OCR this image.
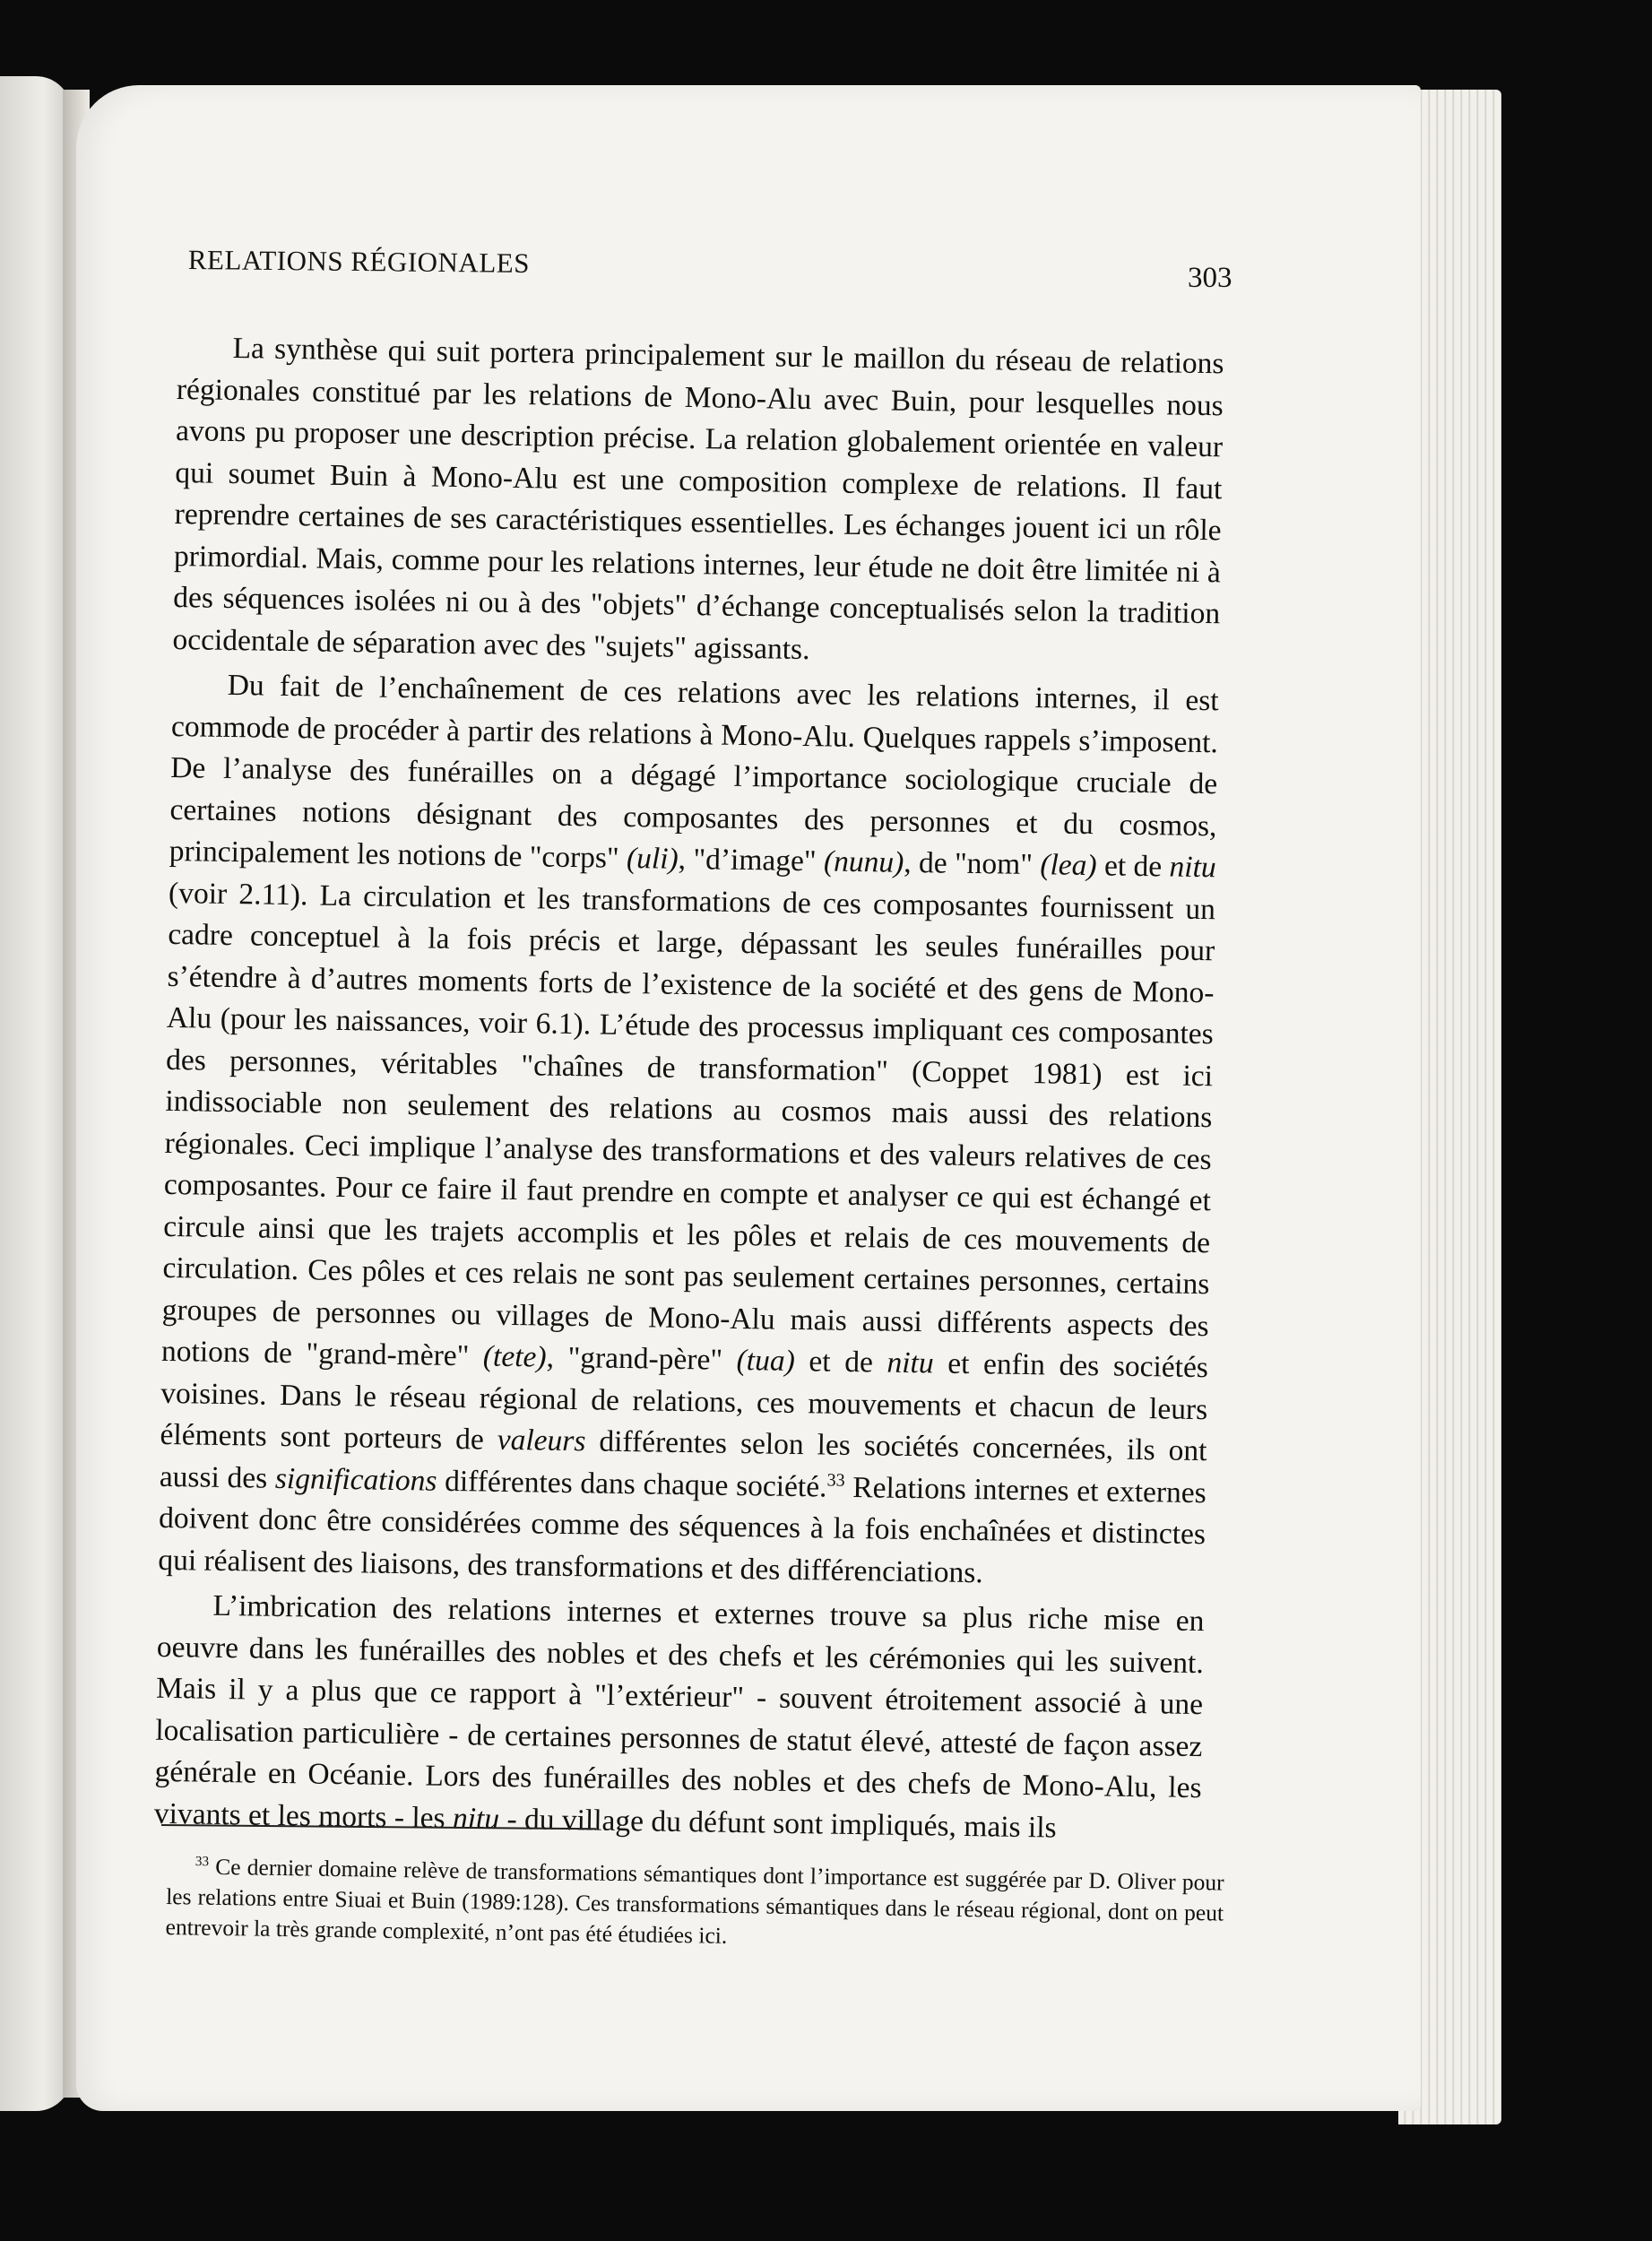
RELATIONS RÉGIONALES	303

La synthèse qui suit portera principalement sur le maillon du réseau de relations régionales constitué par les relations de Mono-Alu avec Buin, pour lesquelles nous avons pu proposer une description précise. La relation globalement orientée en valeur qui soumet Buin à Mono-Alu est une composition complexe de relations. Il faut reprendre certaines de ses caractéristiques essentielles. Les échanges jouent ici un rôle primordial. Mais, comme pour les relations internes, leur étude ne doit être limitée ni à des séquences isolées ni ou à des "objets" d’échange conceptualisés selon la tradition occidentale de séparation avec des "sujets" agissants.

Du fait de l’enchaînement de ces relations avec les relations internes, il est commode de procéder à partir des relations à Mono-Alu. Quelques rappels s’imposent. De l’analyse des funérailles on a dégagé l’importance sociologique cruciale de certaines notions désignant des composantes des personnes et du cosmos, principalement les notions de "corps" (uli), "d’image" (nunu), de "nom" (lea) et de nitu (voir 2.11). La circulation et les transformations de ces composantes fournissent un cadre conceptuel à la fois précis et large, dépassant les seules funérailles pour s’étendre à d’autres moments forts de l’existence de la société et des gens de Mono-Alu (pour les naissances, voir 6.1). L’étude des processus impliquant ces composantes des personnes, véritables "chaînes de transformation" (Coppet 1981) est ici indissociable non seulement des relations au cosmos mais aussi des relations régionales. Ceci implique l’analyse des transformations et des valeurs relatives de ces composantes. Pour ce faire il faut prendre en compte et analyser ce qui est échangé et circule ainsi que les trajets accomplis et les pôles et relais de ces mouvements de circulation. Ces pôles et ces relais ne sont pas seulement certaines personnes, certains groupes de personnes ou villages de Mono-Alu mais aussi différents aspects des notions de "grand-mère" (tete), "grand-père" (tua) et de nitu et enfin des sociétés voisines. Dans le réseau régional de relations, ces mouvements et chacun de leurs éléments sont porteurs de valeurs différentes selon les sociétés concernées, ils ont aussi des significations différentes dans chaque société.$^{33}$ Relations internes et externes doivent donc être considérées comme des séquences à la fois enchaînées et distinctes qui réalisent des liaisons, des transformations et des différenciations.

L’imbrication des relations internes et externes trouve sa plus riche mise en oeuvre dans les funérailles des nobles et des chefs et les cérémonies qui les suivent. Mais il y a plus que ce rapport à "l’extérieur" - souvent étroitement associé à une localisation particulière - de certaines personnes de statut élevé, attesté de façon assez générale en Océanie. Lors des funérailles des nobles et des chefs de Mono-Alu, les vivants et les morts - les nitu - du village du défunt sont impliqués, mais ils

$^{33}$ Ce dernier domaine relève de transformations sémantiques dont l’importance est suggérée par D. Oliver pour les relations entre Siuai et Buin (1989:128). Ces transformations sémantiques dans le réseau régional, dont on peut entrevoir la très grande complexité, n’ont pas été étudiées ici.
